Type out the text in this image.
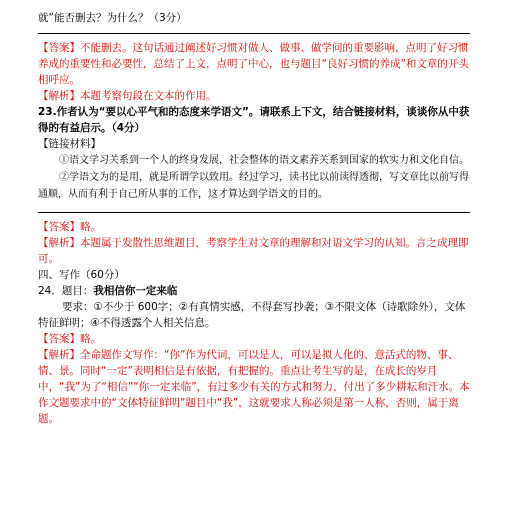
就”能否删去？为什么？（3分）

【答案】不能删去。这句话通过阐述好习惯对做人、做事、做学问的重要影响，点明了好习惯养成的重要性和必要性，总结了上文，点明了中心，也与题目“良好习惯的养成”和文章的开头相呼应。

【解析】本题考察句段在文本的作用。

23.作者认为“要以心平气和的态度来学语文”。请联系上下文，结合链接材料，谈谈你从中获得的有益启示。（4分）

【链接材料】

①语文学习关系到一个人的终身发展，社会整体的语文素养关系到国家的软实力和文化自信。

②学语文为的是用，就是所谓学以致用。经过学习，读书比以前读得透彻，写文章比以前写得通顺，从而有利于自己所从事的工作，这才算达到学语文的目的。

【答案】略。

【解析】本题属于发散性思维题目，考察学生对文章的理解和对语文学习的认知。言之成理即可。

四、写作（60分）

24．题目：我相信你一定来临

要求：①不少于 600字；②有真情实感，不得套写抄袭；③不限文体（诗歌除外），文体特征鲜明；④不得透露个人相关信息。

【答案】略。

【解析】全命题作文写作：“你”作为代词，可以是人，可以是拟人化的、意活式的物、事、情、景。同时“一定”表明相信是有依据，有把握的。重点让考生写的是，在成长的岁月中，“我”为了“相信”“你一定来临”，有过多少有关的方式和努力，付出了多少耕耘和汗水。本作文题要求中的“文体特征鲜明”题目中“我”，这就要求人称必须是第一人称，否则，属于离题。
